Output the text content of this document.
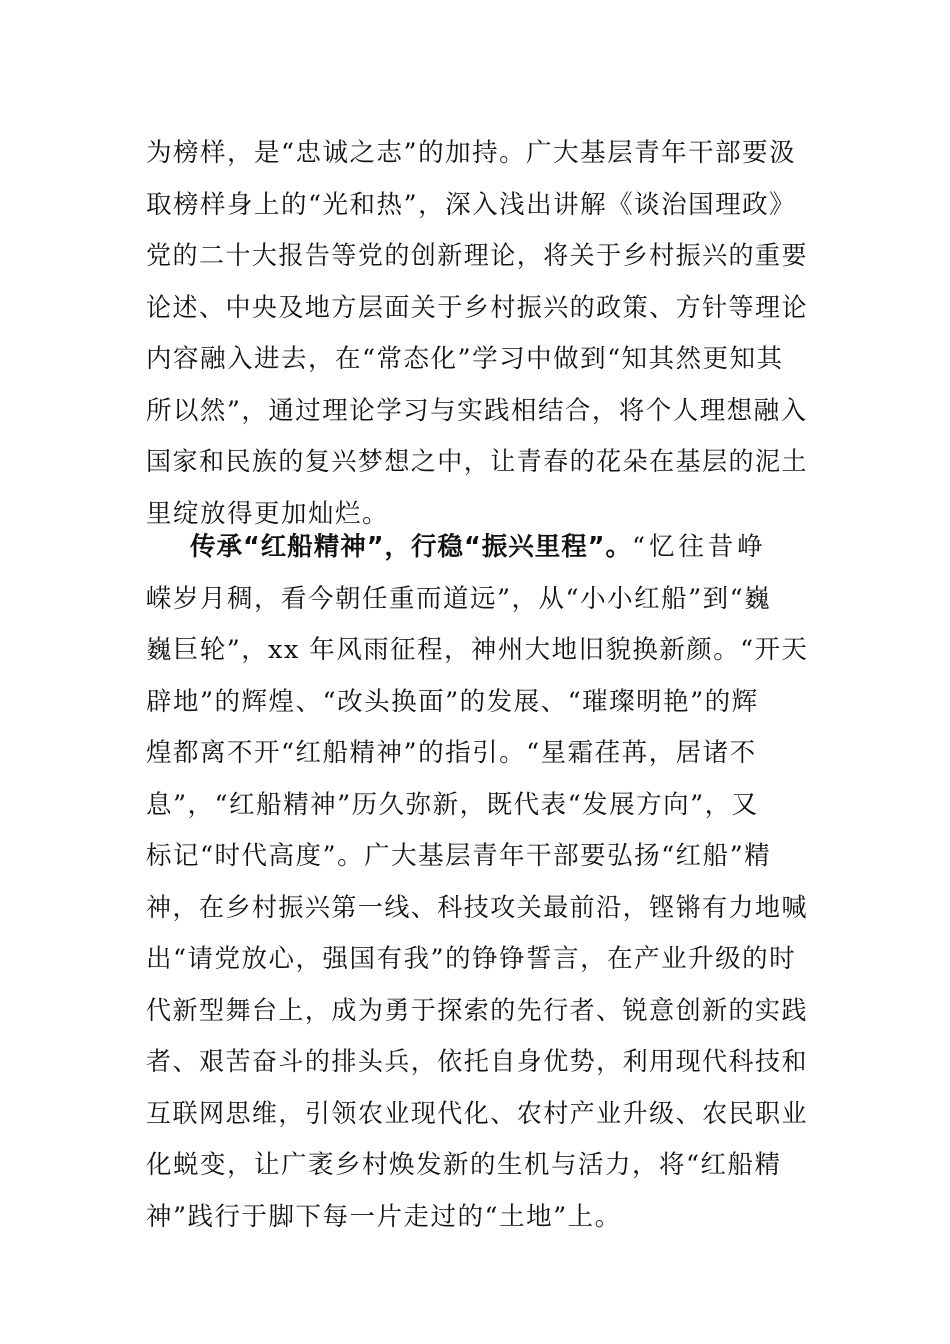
为榜样，是“忠诚之志”的加持。广大基层青年干部要汲
取榜样身上的“光和热”，深入浅出讲解《谈治国理政》
党的二十大报告等党的创新理论，将关于乡村振兴的重要
论述、中央及地方层面关于乡村振兴的政策、方针等理论
内容融入进去，在“常态化”学习中做到“知其然更知其
所以然”，通过理论学习与实践相结合，将个人理想融入
国家和民族的复兴梦想之中，让青春的花朵在基层的泥土
里绽放得更加灿烂。
传承“红船精神”，行稳“振兴里程”。“忆往昔峥
嵘岁月稠，看今朝任重而道远”，从“小小红船”到“巍
巍巨轮”，xx 年风雨征程，神州大地旧貌换新颜。“开天
辟地”的辉煌、“改头换面”的发展、“璀璨明艳”的辉
煌都离不开“红船精神”的指引。“星霜荏苒，居诸不
息”，“红船精神”历久弥新，既代表“发展方向”，又
标记“时代高度”。广大基层青年干部要弘扬“红船”精
神，在乡村振兴第一线、科技攻关最前沿，铿锵有力地喊
出“请党放心，强国有我”的铮铮誓言，在产业升级的时
代新型舞台上，成为勇于探索的先行者、锐意创新的实践
者、艰苦奋斗的排头兵，依托自身优势，利用现代科技和
互联网思维，引领农业现代化、农村产业升级、农民职业
化蜕变，让广袤乡村焕发新的生机与活力，将“红船精
神”践行于脚下每一片走过的“土地”上。
